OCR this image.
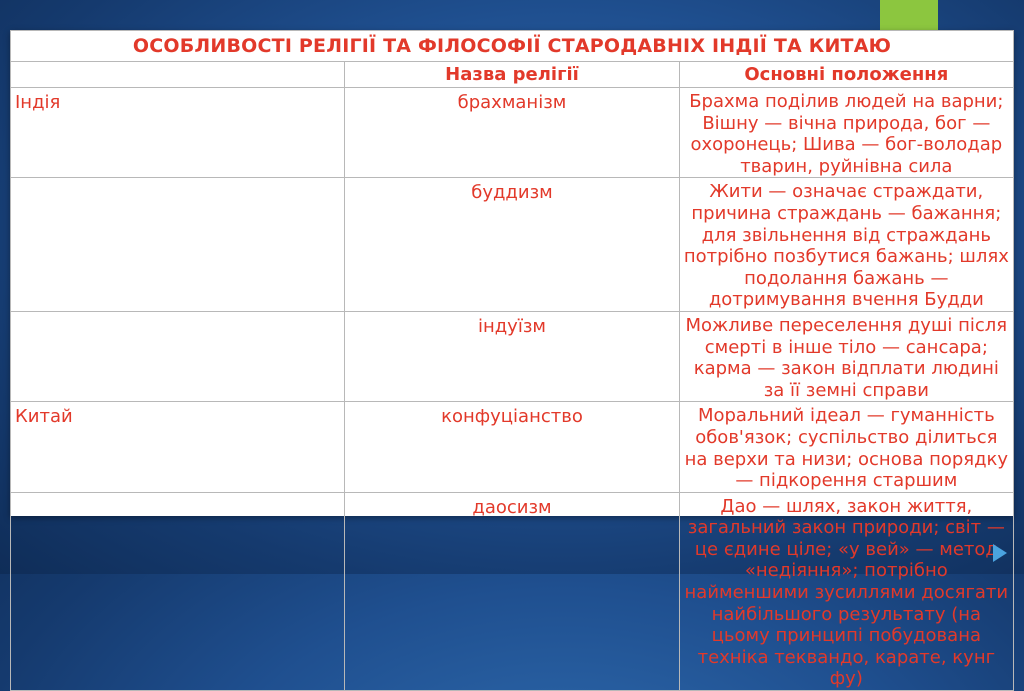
ОСОБЛИВОСТІ РЕЛІГІЇ ТА ФІЛОСОФІЇ СТАРОДАВНІХ ІНДІЇ ТА КИТАЮ		
	Назва релігії	Основні положення
Індія	брахманізм	Брахма поділив людей на варни; Вішну — вічна природа, бог — охоронець; Шива — бог-володар тварин, руйнівна сила
	буддизм	Жити — означає страждати, причина страждань — бажання; для звільнення від страждань потрібно позбутися бажань; шлях подолання бажань — дотримування вчення Будди
	індуїзм	Можливе переселення душі після смерті в інше тіло — сансара; карма — закон відплати людині за її земні справи
Китай	конфуціанство	Моральний ідеал — гуманність обов'язок; суспільство ділиться на верхи та низи; основа порядку — підкорення старшим
	даосизм	Дао — шлях, закон життя, загальний закон природи; світ — це єдине ціле; «у вей» — метод «недіяння»; потрібно найменшими зусиллями досягати найбільшого результату (на цьому принципі побудована техніка теквандо, карате, кунг фу)
